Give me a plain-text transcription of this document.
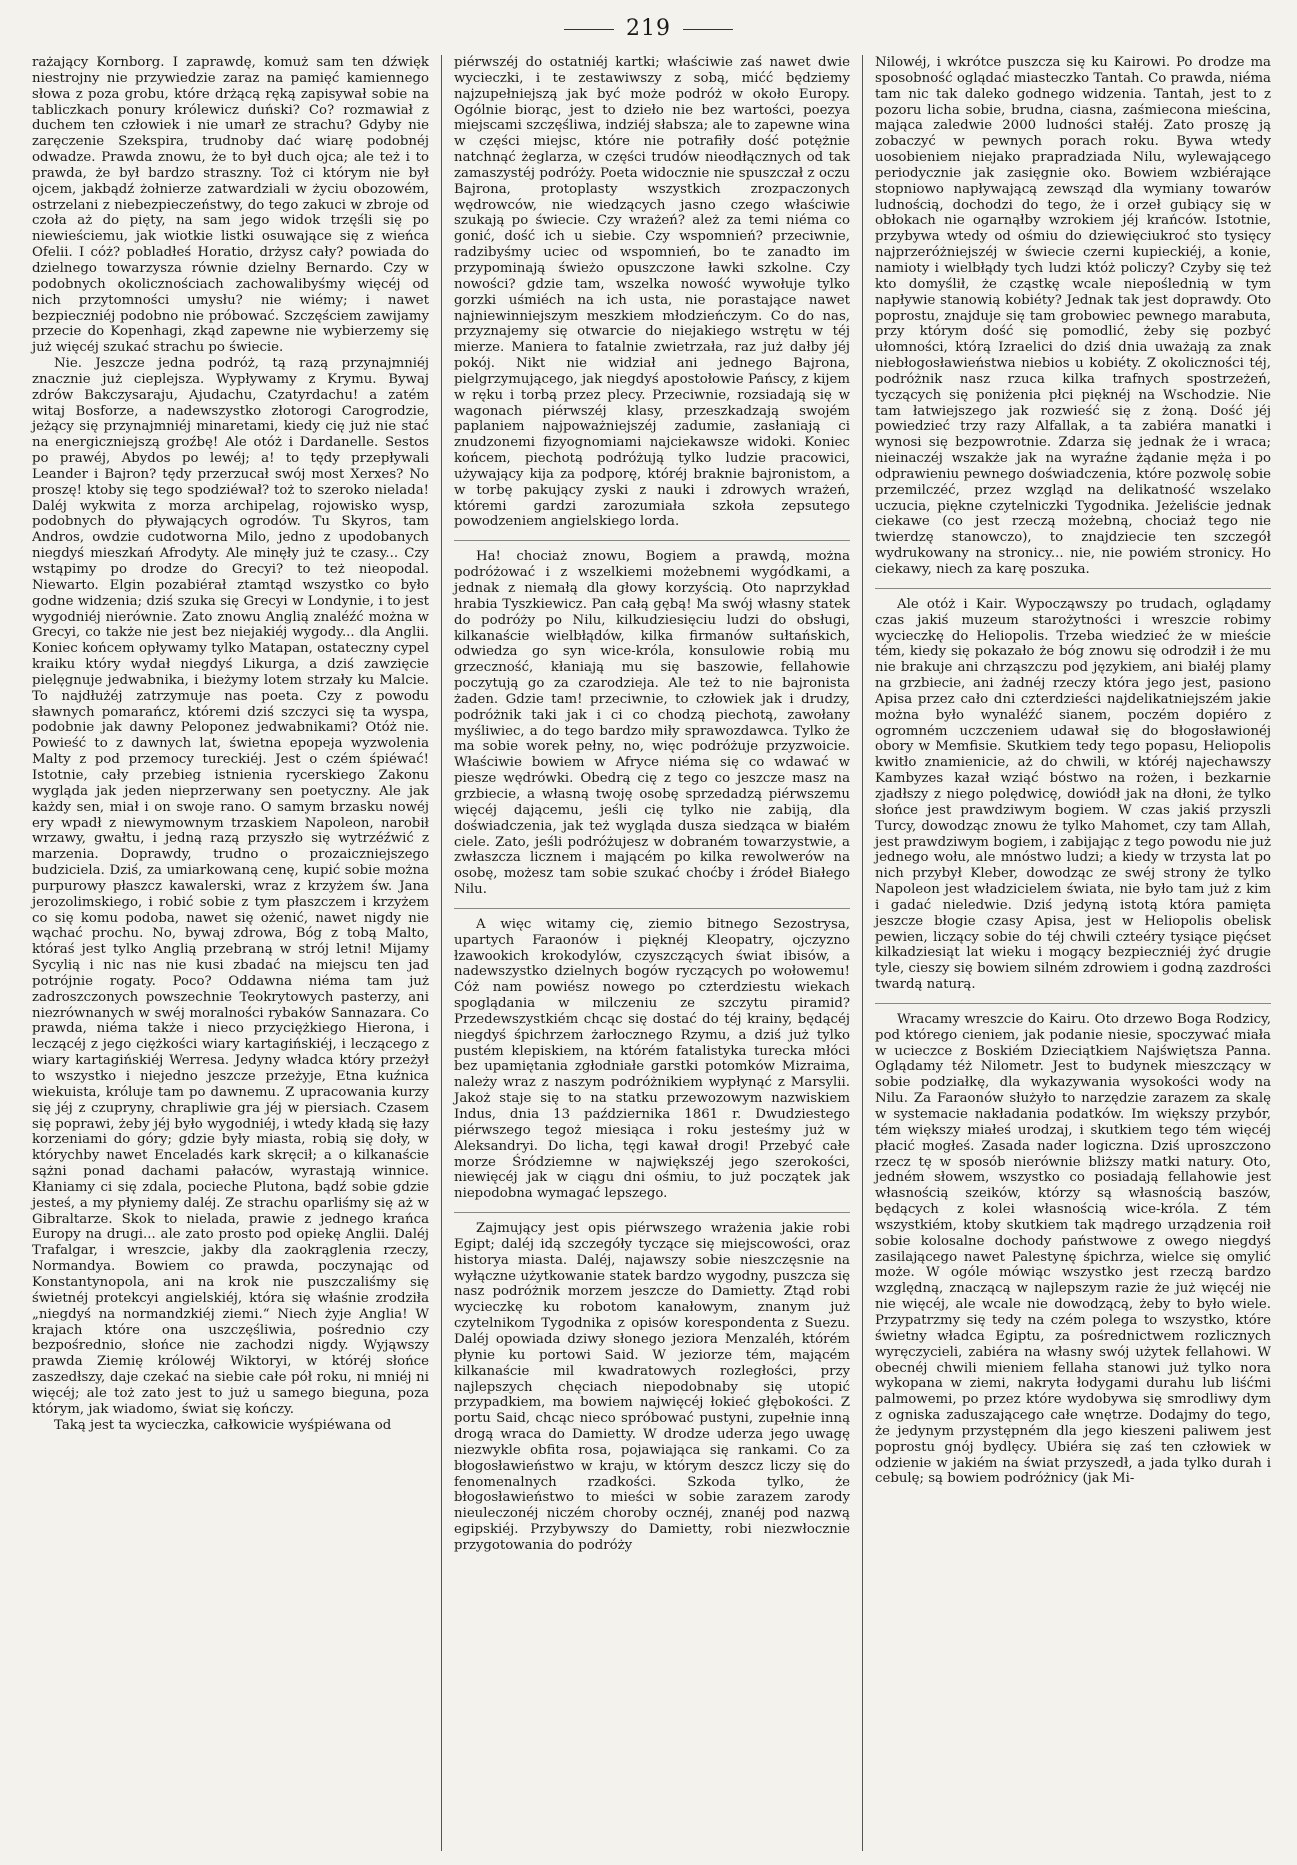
219

rażający Kornborg. I zaprawdę, komuż sam ten dźwięk niestrojny nie przywiedzie zaraz na pamięć kamiennego słowa z poza grobu, które drżącą ręką zapisywał sobie na tabliczkach ponury królewicz duński? Co? rozmawiał z duchem ten człowiek i nie umarł ze strachu? Gdyby nie zaręczenie Szekspira, trudnoby dać wiarę podobnéj odwadze. Prawda znowu, że to był duch ojca; ale też i to prawda, że był bardzo straszny. Toż ci którym nie był ojcem, jakbądź żołnierze zatwardziali w życiu obozowém, ostrzelani z niebezpieczeństwy, do tego zakuci w zbroje od czoła aż do pięty, na sam jego widok trzęśli się po niewieściemu, jak wiotkie listki osuwające się z wieńca Ofelii. I cóż? pobladłeś Horatio, drżysz cały? powiada do dzielnego towarzysza równie dzielny Bernardo. Czy w podobnych okolicznościach zachowalibyśmy więcéj od nich przytomności umysłu? nie wiémy; i nawet bezpieczniéj podobno nie próbować. Szczęściem zawijamy przecie do Kopenhagi, zkąd zapewne nie wybierzemy się już więcéj szukać strachu po świecie.

Nie. Jeszcze jedna podróż, tą razą przynajmniéj znacznie już cieplejsza. Wypływamy z Krymu. Bywaj zdrów Bakczysaraju, Ajudachu, Czatyrdachu! a zatém witaj Bosforze, a nadewszystko złotorogi Carogrodzie, jeżący się przynajmniéj minaretami, kiedy cię już nie stać na energiczniejszą groźbę! Ale otóż i Dardanelle. Sestos po prawéj, Abydos po lewéj; a! to tędy przepływali Leander i Bajron? tędy przerzucał swój most Xerxes? No proszę! ktoby się tego spodziéwał? toż to szeroko nielada! Daléj wykwita z morza archipelag, rojowisko wysp, podobnych do pływających ogrodów. Tu Skyros, tam Andros, owdzie cudotworna Milo, jedno z upodobanych niegdyś mieszkań Afrodyty. Ale minęły już te czasy... Czy wstąpimy po drodze do Grecyi? to też nieopodal. Niewarto. Elgin pozabiérał ztamtąd wszystko co było godne widzenia; dziś szuka się Grecyi w Londynie, i to jest wygodniéj nierównie. Zato znowu Anglią znaléźć można w Grecyi, co także nie jest bez niejakiéj wygody... dla Anglii. Koniec końcem opływamy tylko Matapan, ostateczny cypel kraiku który wydał niegdyś Likurga, a dziś zawzięcie pielęgnuje jedwabnika, i bieżymy lotem strzały ku Malcie. To najdłużéj zatrzymuje nas poeta. Czy z powodu sławnych pomarańcz, któremi dziś szczyci się ta wyspa, podobnie jak dawny Peloponez jedwabnikami? Otóż nie. Powieść to z dawnych lat, świetna epopeja wyzwolenia Malty z pod przemocy tureckiéj. Jest o czém śpiéwać! Istotnie, cały przebieg istnienia rycerskiego Zakonu wygląda jak jeden nieprzerwany sen poetyczny. Ale jak każdy sen, miał i on swoje rano. O samym brzasku nowéj ery wpadł z niewymownym trzaskiem Napoleon, narobił wrzawy, gwałtu, i jedną razą przyszło się wytrzéźwić z marzenia. Doprawdy, trudno o prozaiczniejszego budziciela. Dziś, za umiarkowaną cenę, kupić sobie można purpurowy płaszcz kawalerski, wraz z krzyżem św. Jana jerozolimskiego, i robić sobie z tym płaszczem i krzyżem co się komu podoba, nawet się ożenić, nawet nigdy nie wąchać prochu. No, bywaj zdrowa, Bóg z tobą Malto, któraś jest tylko Anglią przebraną w strój letni! Mijamy Sycylią i nic nas nie kusi zbadać na miejscu ten jad potrójnie rogaty. Poco? Oddawna niéma tam już zadroszczonych powszechnie Teokrytowych pasterzy, ani niezrównanych w swéj moralności rybaków Sannazara. Co prawda, niéma także i nieco przyciężkiego Hierona, i leczącéj z jego ciężkości wiary kartagińskiéj, i leczącego z wiary kartagińskiéj Werresa. Jedyny władca który przeżył to wszystko i niejedno jeszcze przeżyje, Etna kuźnica wiekuista, króluje tam po dawnemu. Z upracowania kurzy się jéj z czupryny, chrapliwie gra jéj w piersiach. Czasem się poprawi, żeby jéj było wygodniéj, i wtedy kładą się łazy korzeniami do góry; gdzie były miasta, robią się doły, w którychby nawet Enceladés kark skręcił; a o kilkanaście sążni ponad dachami pałaców, wyrastają winnice. Kłaniamy ci się zdala, pocieche Plutona, bądź sobie gdzie jesteś, a my płyniemy daléj. Ze strachu oparliśmy się aż w Gibraltarze. Skok to nielada, prawie z jednego krańca Europy na drugi... ale zato prosto pod opiekę Anglii. Daléj Trafalgar, i wreszcie, jakby dla zaokrąglenia rzeczy, Normandya. Bowiem co prawda, poczynając od Konstantynopola, ani na krok nie puszczaliśmy się świetnéj protekcyi angielskiéj, która się właśnie zrodziła „niegdyś na normandzkiéj ziemi.“ Niech żyje Anglia! W krajach które ona uszczęśliwia, pośrednio czy bezpośrednio, słońce nie zachodzi nigdy. Wyjąwszy prawda Ziemię królowéj Wiktoryi, w któréj słońce zaszedłszy, daje czekać na siebie całe pół roku, ni mniéj ni więcéj; ale toż zato jest to już u samego bieguna, poza którym, jak wiadomo, świat się kończy.

Taką jest ta wycieczka, całkowicie wyśpiéwana od

piérwszéj do ostatniéj kartki; właściwie zaś nawet dwie wycieczki, i te zestawiwszy z sobą, mićć będziemy najzupełniejszą jak być może podróż w około Europy. Ogólnie biorąc, jest to dzieło nie bez wartości, poezya miejscami szczęśliwa, indziéj słabsza; ale to zapewne wina w części miejsc, które nie potrafiły dość potężnie natchnąć żeglarza, w części trudów nieodłącznych od tak zamaszystéj podróży. Poeta widocznie nie spuszczał z oczu Bajrona, protoplasty wszystkich zrozpaczonych wędrowców, nie wiedzących jasno czego właściwie szukają po świecie. Czy wrażeń? ależ za temi niéma co gonić, dość ich u siebie. Czy wspomnień? przeciwnie, radzibyśmy uciec od wspomnień, bo te zanadto im przypominają świeżo opuszczone ławki szkolne. Czy nowości? gdzie tam, wszelka nowość wywołuje tylko gorzki uśmiéch na ich usta, nie porastające nawet najniewinniejszym meszkiem młodzieńczym. Co do nas, przyznajemy się otwarcie do niejakiego wstrętu w téj mierze. Maniera to fatalnie zwietrzała, raz już dałby jéj pokój. Nikt nie widział ani jednego Bajrona, pielgrzymującego, jak niegdyś apostołowie Pańscy, z kijem w ręku i torbą przez plecy. Przeciwnie, rozsiadają się w wagonach piérwszéj klasy, przeszkadzają swojém paplaniem najpoważniejszéj zadumie, zasłaniają ci znudzonemi fizyognomiami najciekawsze widoki. Koniec końcem, piechotą podróżują tylko ludzie pracowici, używający kija za podporę, któréj braknie bajronistom, a w torbę pakujący zyski z nauki i zdrowych wrażeń, któremi gardzi zarozumiała szkoła zepsutego powodzeniem angielskiego lorda.

Ha! chociaż znowu, Bogiem a prawdą, można podróżować i z wszelkiemi możebnemi wygódkami, a jednak z niemałą dla głowy korzyścią. Oto naprzykład hrabia Tyszkiewicz. Pan całą gębą! Ma swój własny statek do podróży po Nilu, kilkudziesięciu ludzi do obsługi, kilkanaście wielbłądów, kilka firmanów sułtańskich, odwiedza go syn wice-króla, konsulowie robią mu grzeczność, kłaniają mu się baszowie, fellahowie poczytują go za czarodzieja. Ale też to nie bajronista żaden. Gdzie tam! przeciwnie, to człowiek jak i drudzy, podróżnik taki jak i ci co chodzą piechotą, zawołany myśliwiec, a do tego bardzo miły sprawozdawca. Tylko że ma sobie worek pełny, no, więc podróżuje przyzwoicie. Właściwie bowiem w Afryce niéma się co wdawać w piesze wędrówki. Obedrą cię z tego co jeszcze masz na grzbiecie, a własną twoję osobę sprzedadzą piérwszemu więcéj dającemu, jeśli cię tylko nie zabiją, dla doświadczenia, jak też wygląda dusza siedząca w białém ciele. Zato, jeśli podróżujesz w dobraném towarzystwie, a zwłaszcza licznem i mającém po kilka rewolwerów na osobę, możesz tam sobie szukać choćby i źródeł Białego Nilu.

A więc witamy cię, ziemio bitnego Sezostrysa, upartych Faraonów i pięknéj Kleopatry, ojczyzno łzawookich krokodylów, czyszczących świat ibisów, a nadewszystko dzielnych bogów ryczących po wołowemu! Cóż nam powiész nowego po czterdziestu wiekach spoglądania w milczeniu ze szczytu piramid? Przedewszystkiém chcąc się dostać do téj krainy, będącéj niegdyś śpichrzem żarłocznego Rzymu, a dziś już tylko pustém klepiskiem, na którém fatalistyka turecka młóci bez upamiętania zgłodniałe garstki potomków Mizraima, należy wraz z naszym podróżnikiem wypłynąć z Marsylii. Jakoż staje się to na statku przewozowym nazwiskiem Indus, dnia 13 października 1861 r. Dwudziestego piérwszego tegoż miesiąca i roku jesteśmy już w Aleksandryi. Do licha, tęgi kawał drogi! Przebyć całe morze Śródziemne w największéj jego szerokości, niewięcéj jak w ciągu dni ośmiu, to już początek jak niepodobna wymagać lepszego.

Zajmujący jest opis piérwszego wrażenia jakie robi Egipt; daléj idą szczegóły tyczące się miejscowości, oraz historya miasta. Daléj, najawszy sobie nieszczęsnie na wyłączne użytkowanie statek bardzo wygodny, puszcza się nasz podróżnik morzem jeszcze do Damietty. Ztąd robi wycieczkę ku robotom kanałowym, znanym już czytelnikom Tygodnika z opisów korespondenta z Suezu. Daléj opowiada dziwy słonego jeziora Menzaléh, którém płynie ku portowi Said. W jeziorze tém, mającém kilkanaście mil kwadratowych rozległości, przy najlepszych chęciach niepodobnaby się utopić przypadkiem, ma bowiem najwięcéj łokieć głębokości. Z portu Said, chcąc nieco spróbować pustyni, zupełnie inną drogą wraca do Damietty. W drodze uderza jego uwagę niezwykle obfita rosa, pojawiająca się rankami. Co za błogosławieństwo w kraju, w którym deszcz liczy się do fenomenalnych rzadkości. Szkoda tylko, że błogosławieństwo to mieści w sobie zarazem zarody nieuleczonéj niczém choroby ocznéj, znanéj pod nazwą egipskiéj. Przybywszy do Damietty, robi niezwłocznie przygotowania do podróży

Nilowéj, i wkrótce puszcza się ku Kairowi. Po drodze ma sposobność oglądać miasteczko Tantah. Co prawda, niéma tam nic tak daleko godnego widzenia. Tantah, jest to z pozoru licha sobie, brudna, ciasna, zaśmiecona mieścina, mająca zaledwie 2000 ludności stałéj. Zato proszę ją zobaczyć w pewnych porach roku. Bywa wtedy uosobieniem niejako prapradziada Nilu, wylewającego periodycznie jak zasięgnie oko. Bowiem wzbiérające stopniowo napływającą zewsząd dla wymiany towarów ludnością, dochodzi do tego, że i orzeł gubiący się w obłokach nie ogarnąłby wzrokiem jéj krańców. Istotnie, przybywa wtedy od ośmiu do dziewięciukroć sto tysięcy najprzeróżniejszéj w świecie czerni kupieckiéj, a konie, namioty i wielbłądy tych ludzi któż policzy? Czyby się też kto domyślił, że cząstkę wcale niepoślednią w tym napływie stanowią kobiéty? Jednak tak jest doprawdy. Oto poprostu, znajduje się tam grobowiec pewnego marabuta, przy którym dość się pomodlić, żeby się pozbyć ułomności, którą Izraelici do dziś dnia uważają za znak niebłogosławieństwa niebios u kobiéty. Z okoliczności téj, podróżnik nasz rzuca kilka trafnych spostrzeżeń, tyczących się poniżenia płci pięknéj na Wschodzie. Nie tam łatwiejszego jak rozwieść się z żoną. Dość jéj powiedzieć trzy razy Alfallak, a ta zabiéra manatki i wynosi się bezpowrotnie. Zdarza się jednak że i wraca; nieinaczéj wszakże jak na wyraźne żądanie męża i po odprawieniu pewnego doświadczenia, które pozwolę sobie przemilczéć, przez wzgląd na delikatność wszelako uczucia, piękne czytelniczki Tygodnika. Jeżeliście jednak ciekawe (co jest rzeczą możebną, chociaż tego nie twierdzę stanowczo), to znajdziecie ten szczegół wydrukowany na stronicy... nie, nie powiém stronicy. Ho ciekawy, niech za karę poszuka.

Ale otóż i Kair. Wypocząwszy po trudach, oglądamy czas jakiś muzeum starożytności i wreszcie robimy wycieczkę do Heliopolis. Trzeba wiedzieć że w mieście tém, kiedy się pokazało że bóg znowu się odrodził i że mu nie brakuje ani chrząszczu pod językiem, ani białéj plamy na grzbiecie, ani żadnéj rzeczy która jego jest, pasiono Apisa przez cało dni czterdzieści najdelikatniejszém jakie można było wynaléźć sianem, poczém dopiéro z ogromném uczczeniem udawał się do błogosławionéj obory w Memfisie. Skutkiem tedy tego popasu, Heliopolis kwitło znamienicie, aż do chwili, w któréj najechawszy Kambyzes kazał wziąć bóstwo na rożen, i bezkarnie zjadłszy z niego polędwicę, dowiódł jak na dłoni, że tylko słońce jest prawdziwym bogiem. W czas jakiś przyszli Turcy, dowodząc znowu że tylko Mahomet, czy tam Allah, jest prawdziwym bogiem, i zabijając z tego powodu nie już jednego wołu, ale mnóstwo ludzi; a kiedy w trzysta lat po nich przybył Kleber, dowodząc ze swéj strony że tylko Napoleon jest władzicielem świata, nie było tam już z kim i gadać nieledwie. Dziś jedyną istotą która pamięta jeszcze błogie czasy Apisa, jest w Heliopolis obelisk pewien, liczący sobie do téj chwili czteéry tysiące pięćset kilkadziesiąt lat wieku i mogący bezpieczniéj żyć drugie tyle, cieszy się bowiem silném zdrowiem i godną zazdrości twardą naturą.

Wracamy wreszcie do Kairu. Oto drzewo Boga Rodzicy, pod którego cieniem, jak podanie niesie, spoczywać miała w ucieczce z Boskiém Dzieciątkiem Najświętsza Panna. Oglądamy téż Nilometr. Jest to budynek mieszczący w sobie podziałkę, dla wykazywania wysokości wody na Nilu. Za Faraonów służyło to narzędzie zarazem za skalę w systemacie nakładania podatków. Im większy przybór, tém większy miałeś urodzaj, i skutkiem tego tém więcéj płacić mogłeś. Zasada nader logiczna. Dziś uproszczono rzecz tę w sposób nierównie bliższy matki natury. Oto, jedném słowem, wszystko co posiadają fellahowie jest własnością szeików, którzy są własnością baszów, będących z kolei własnością wice-króla. Z tém wszystkiém, ktoby skutkiem tak mądrego urządzenia roił sobie kolosalne dochody państwowe z owego niegdyś zasilającego nawet Palestynę śpichrza, wielce się omylić może. W ogóle mówiąc wszystko jest rzeczą bardzo względną, znaczącą w najlepszym razie że już więcéj nie nie więcéj, ale wcale nie dowodzącą, żeby to było wiele. Przypatrzmy się tedy na czém polega to wszystko, które świetny władca Egiptu, za pośrednictwem rozlicznych wyręczycieli, zabiéra na własny swój użytek fellahowi. W obecnéj chwili mieniem fellaha stanowi już tylko nora wykopana w ziemi, nakryta łodygami durahu lub liśćmi palmowemi, po przez które wydobywa się smrodliwy dym z ogniska zaduszającego całe wnętrze. Dodajmy do tego, że jedynym przystępném dla jego kieszeni paliwem jest poprostu gnój bydlęcy. Ubiéra się zaś ten człowiek w odzienie w jakiém na świat przyszedł, a jada tylko durah i cebulę; są bowiem podróżnicy (jak Mi-
